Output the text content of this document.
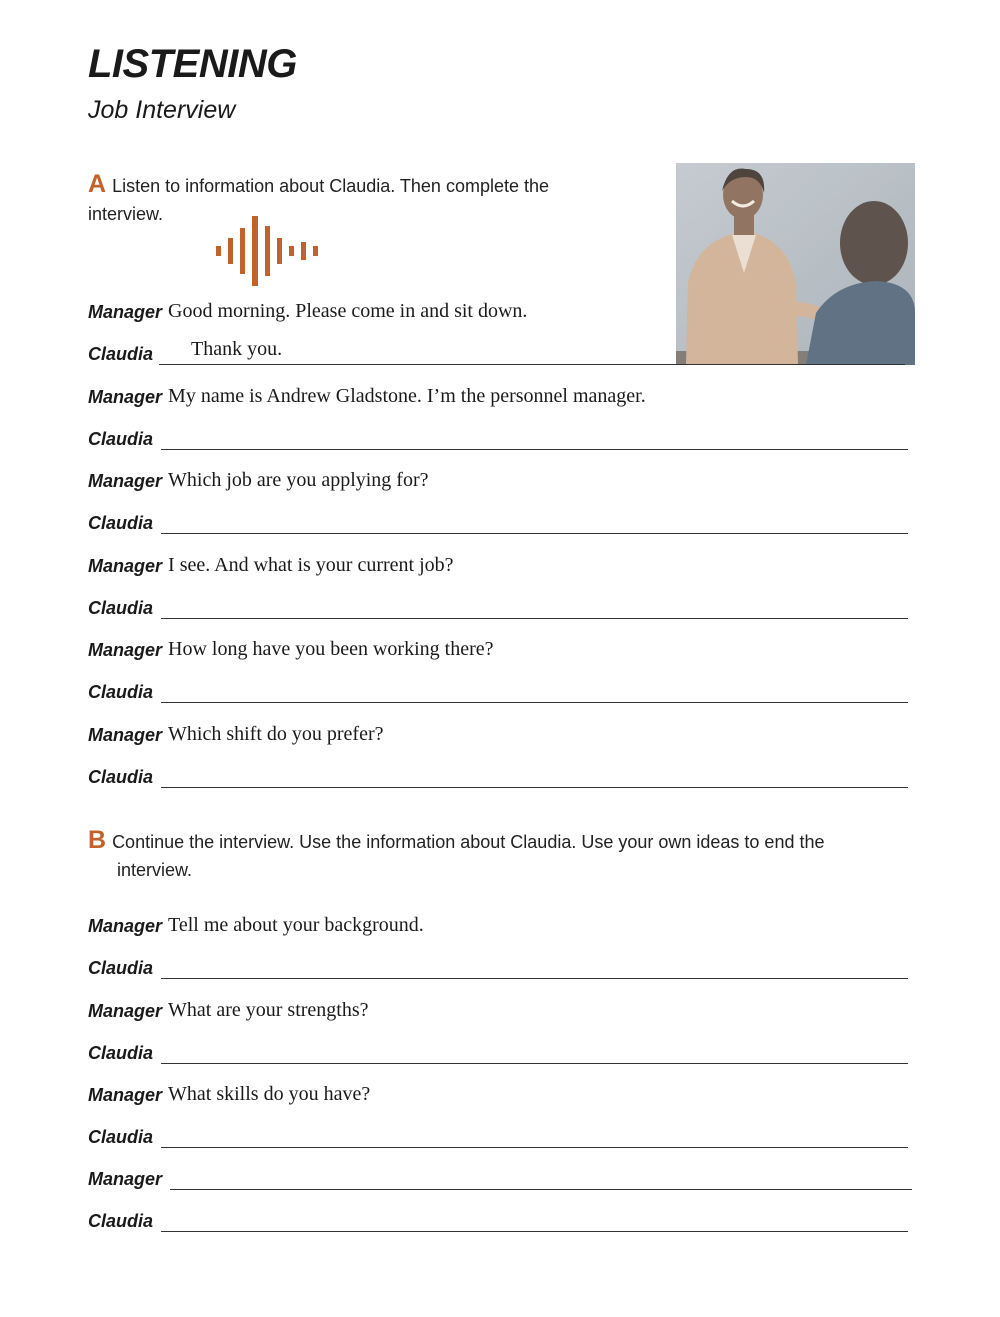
LISTENING
Job Interview
A Listen to information about Claudia. Then complete the interview.
Manager Good morning. Please come in and sit down.
Claudia	Thank you.
Manager My name is Andrew Gladstone. I’m the personnel manager.
Claudia
Manager Which job are you applying for?
Claudia
Manager I see. And what is your current job?
Claudia
Manager How long have you been working there?
Claudia
Manager Which shift do you prefer?
Claudia
B Continue the interview. Use the information about Claudia. Use your own ideas to end the
interview.
Manager Tell me about your background.
Claudia
Manager What are your strengths?
Claudia
Manager What skills do you have?
Claudia
Manager
Claudia
